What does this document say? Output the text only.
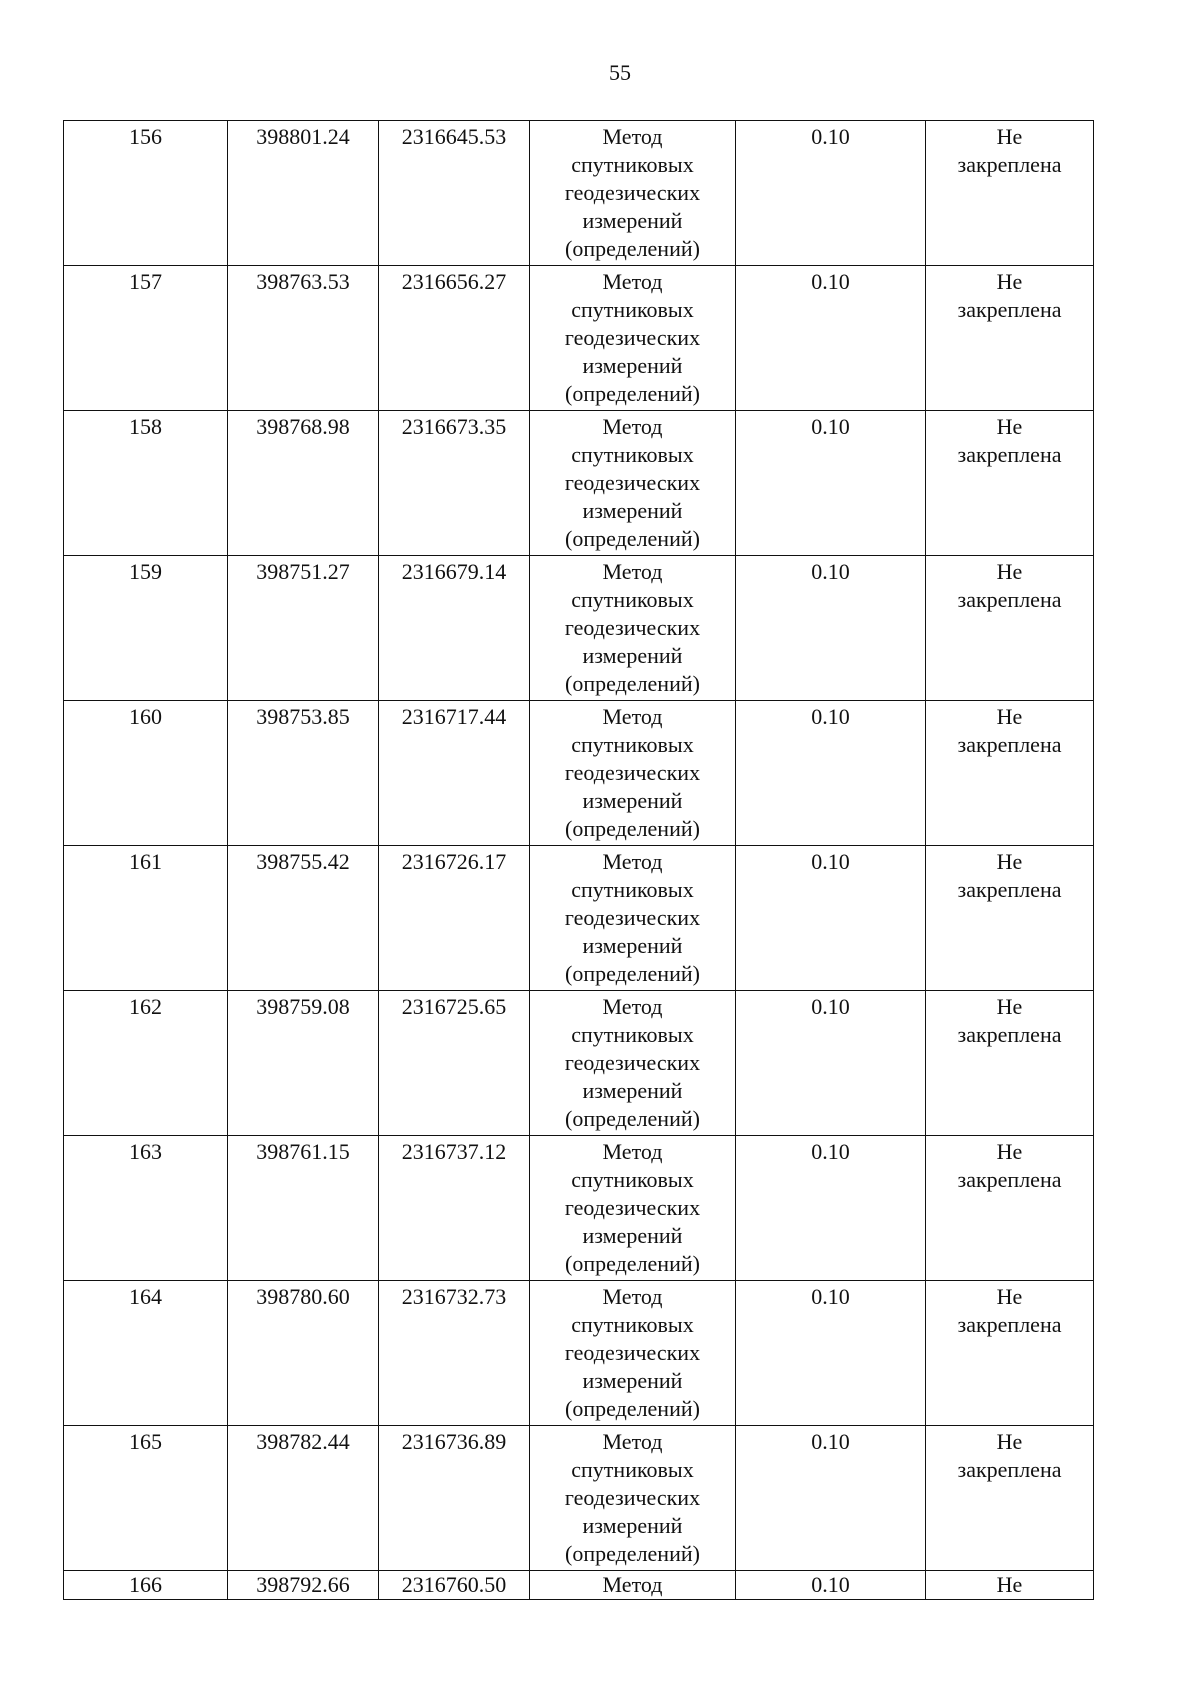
55
156	398801.24	2316645.53	Метод
спутниковых
геодезических
измерений
(определений)	0.10	Не
закреплена

157	398763.53	2316656.27	Метод
спутниковых
геодезических
измерений
(определений)	0.10	Не
закреплена

158	398768.98	2316673.35	Метод
спутниковых
геодезических
измерений
(определений)	0.10	Не
закреплена

159	398751.27	2316679.14	Метод
спутниковых
геодезических
измерений
(определений)	0.10	Не
закреплена

160	398753.85	2316717.44	Метод
спутниковых
геодезических
измерений
(определений)	0.10	Не
закреплена

161	398755.42	2316726.17	Метод
спутниковых
геодезических
измерений
(определений)	0.10	Не
закреплена

162	398759.08	2316725.65	Метод
спутниковых
геодезических
измерений
(определений)	0.10	Не
закреплена

163	398761.15	2316737.12	Метод
спутниковых
геодезических
измерений
(определений)	0.10	Не
закреплена

164	398780.60	2316732.73	Метод
спутниковых
геодезических
измерений
(определений)	0.10	Не
закреплена

165	398782.44	2316736.89	Метод
спутниковых
геодезических
измерений
(определений)	0.10	Не
закреплена

166	398792.66	2316760.50	Метод	0.10	Не
